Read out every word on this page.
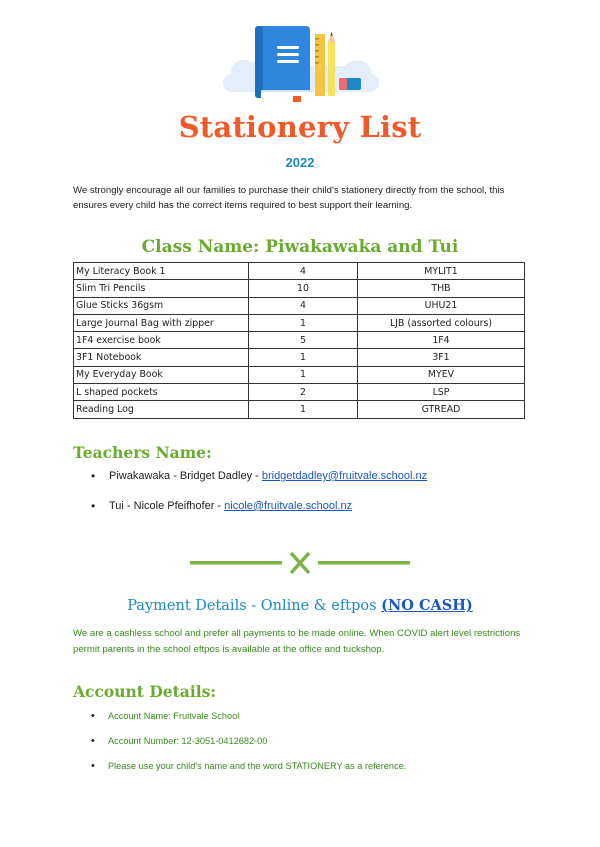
Stationery List
2022
We strongly encourage all our families to purchase their child's stationery directly from the school, this ensures every child has the correct items required to best support their learning.
Class Name: Piwakawaka and Tui
My Literacy Book 1	4	MYLIT1
Slim Tri Pencils	10	THB
Glue Sticks 36gsm	4	UHU21
Large Journal Bag with zipper	1	LJB (assorted colours)
1F4 exercise book	5	1F4
3F1 Notebook	1	3F1
My Everyday Book	1	MYEV
L shaped pockets	2	LSP
Reading Log	1	GTREAD
Teachers Name:
• Piwakawaka - Bridget Dadley - bridgetdadley@fruitvale.school.nz
• Tui - Nicole Pfeifhofer - nicole@fruitvale.school.nz
Payment Details - Online & eftpos (NO CASH)
We are a cashless school and prefer all payments to be made online. When COVID alert level restrictions permit parents in the school eftpos is available at the office and tuckshop.
Account Details:
• Account Name: Fruitvale School
• Account Number: 12-3051-0412682-00
• Please use your child's name and the word STATIONERY as a reference.
